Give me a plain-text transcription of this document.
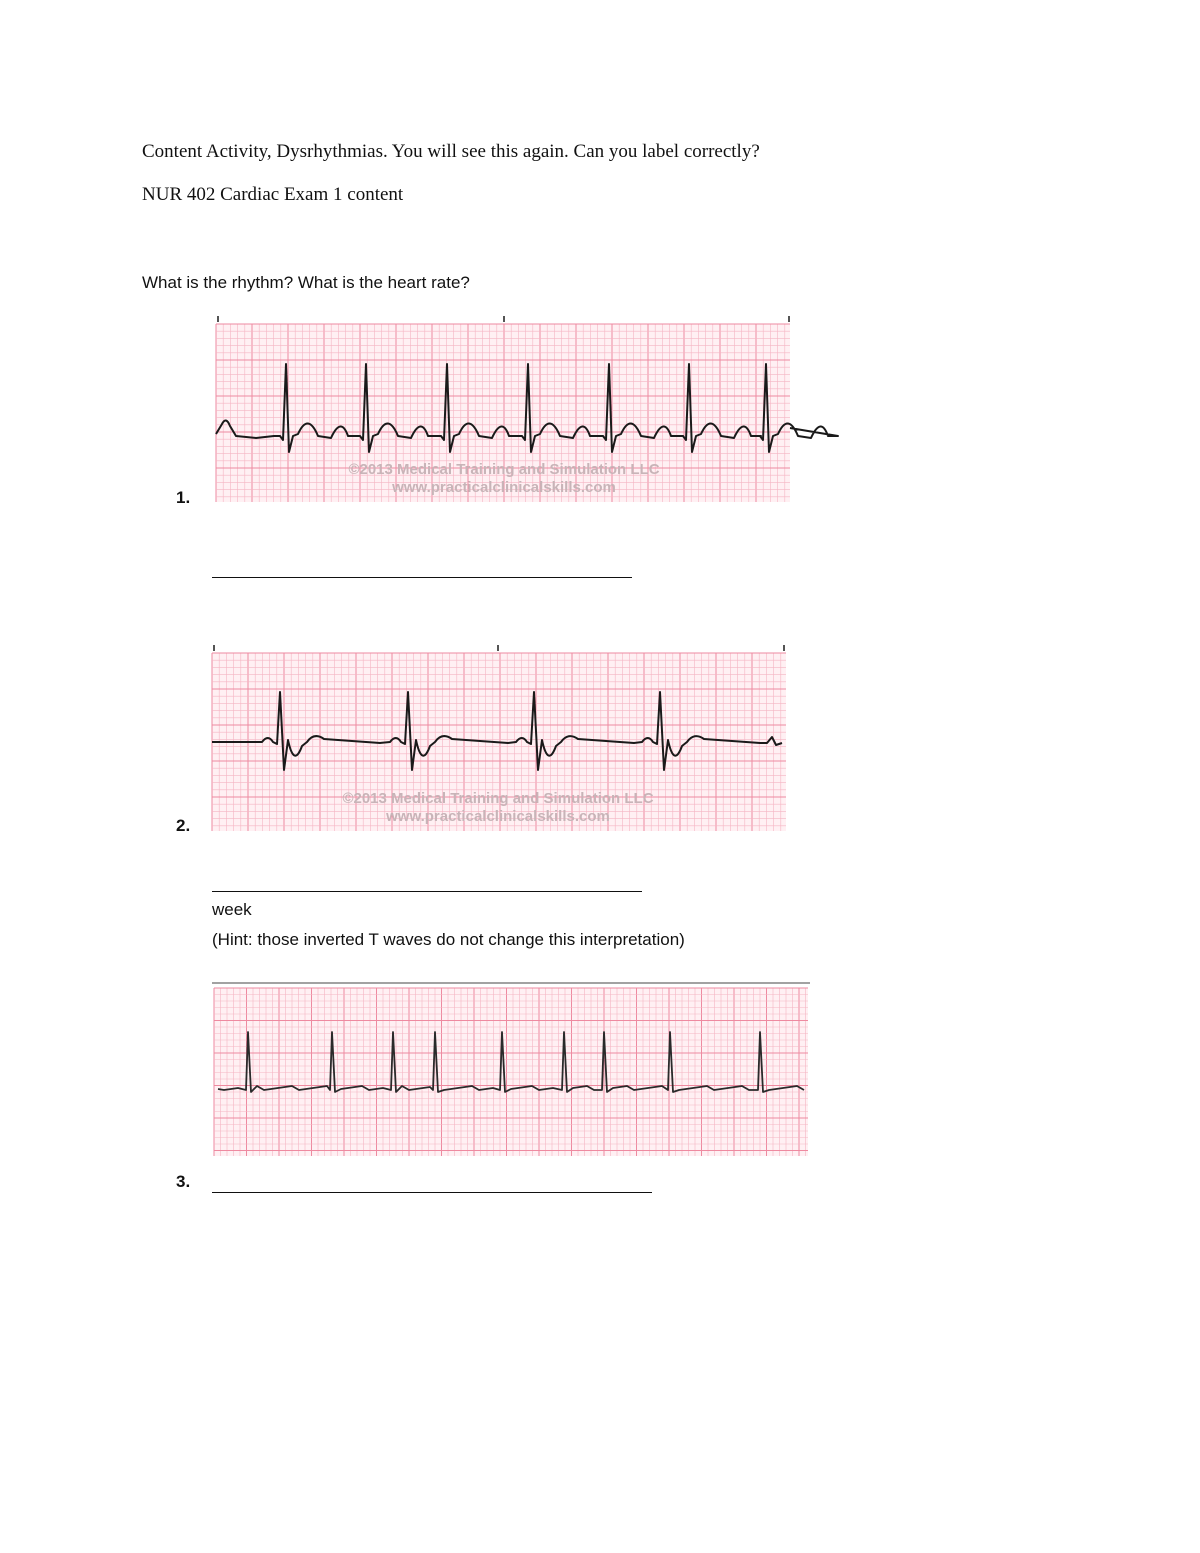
Content Activity, Dysrhythmias. You will see this again. Can you label correctly?
NUR 402 Cardiac Exam 1 content
What is the rhythm? What is the heart rate?
©2013 Medical Training and Simulation LLC
www.practicalclinicalskills.com
1.
©2013 Medical Training and Simulation LLC
www.practicalclinicalskills.com
2.
week
(Hint: those inverted T waves do not change this interpretation)
3.
